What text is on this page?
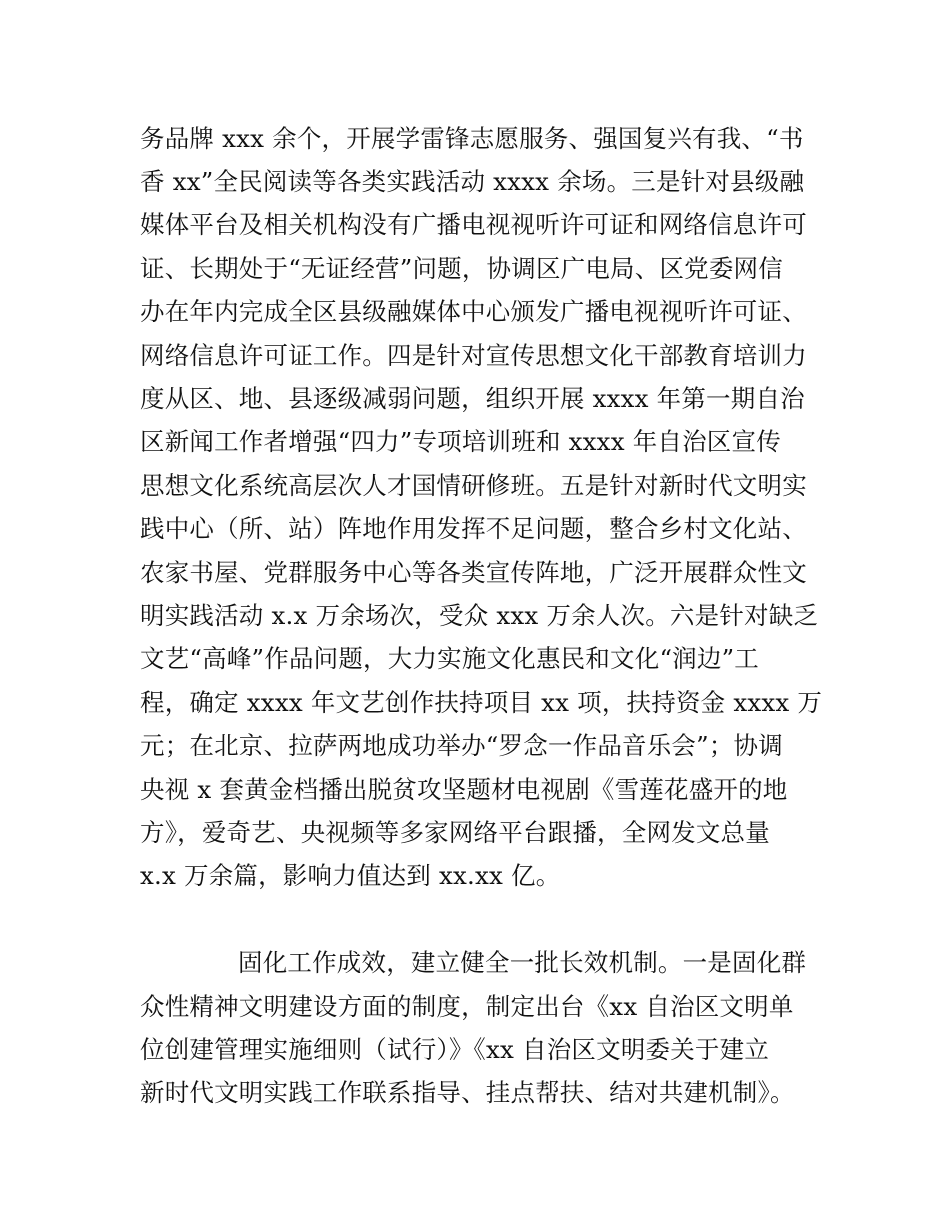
务品牌 xxx 余个，开展学雷锋志愿服务、强国复兴有我、“书
香 xx”全民阅读等各类实践活动 xxxx 余场。三是针对县级融
媒体平台及相关机构没有广播电视视听许可证和网络信息许可
证、长期处于“无证经营”问题，协调区广电局、区党委网信
办在年内完成全区县级融媒体中心颁发广播电视视听许可证、
网络信息许可证工作。四是针对宣传思想文化干部教育培训力
度从区、地、县逐级减弱问题，组织开展 xxxx 年第一期自治
区新闻工作者增强“四力”专项培训班和 xxxx 年自治区宣传
思想文化系统高层次人才国情研修班。五是针对新时代文明实
践中心（所、站）阵地作用发挥不足问题，整合乡村文化站、
农家书屋、党群服务中心等各类宣传阵地，广泛开展群众性文
明实践活动 x.x 万余场次，受众 xxx 万余人次。六是针对缺乏
文艺“高峰”作品问题，大力实施文化惠民和文化“润边”工
程，确定 xxxx 年文艺创作扶持项目 xx 项，扶持资金 xxxx 万
元；在北京、拉萨两地成功举办“罗念一作品音乐会”；协调
央视 x 套黄金档播出脱贫攻坚题材电视剧《雪莲花盛开的地
方》，爱奇艺、央视频等多家网络平台跟播，全网发文总量
x.x 万余篇，影响力值达到 xx.xx 亿。
固化工作成效，建立健全一批长效机制。一是固化群
众性精神文明建设方面的制度，制定出台《xx 自治区文明单
位创建管理实施细则（试行）》《xx 自治区文明委关于建立
新时代文明实践工作联系指导、挂点帮扶、结对共建机制》。
